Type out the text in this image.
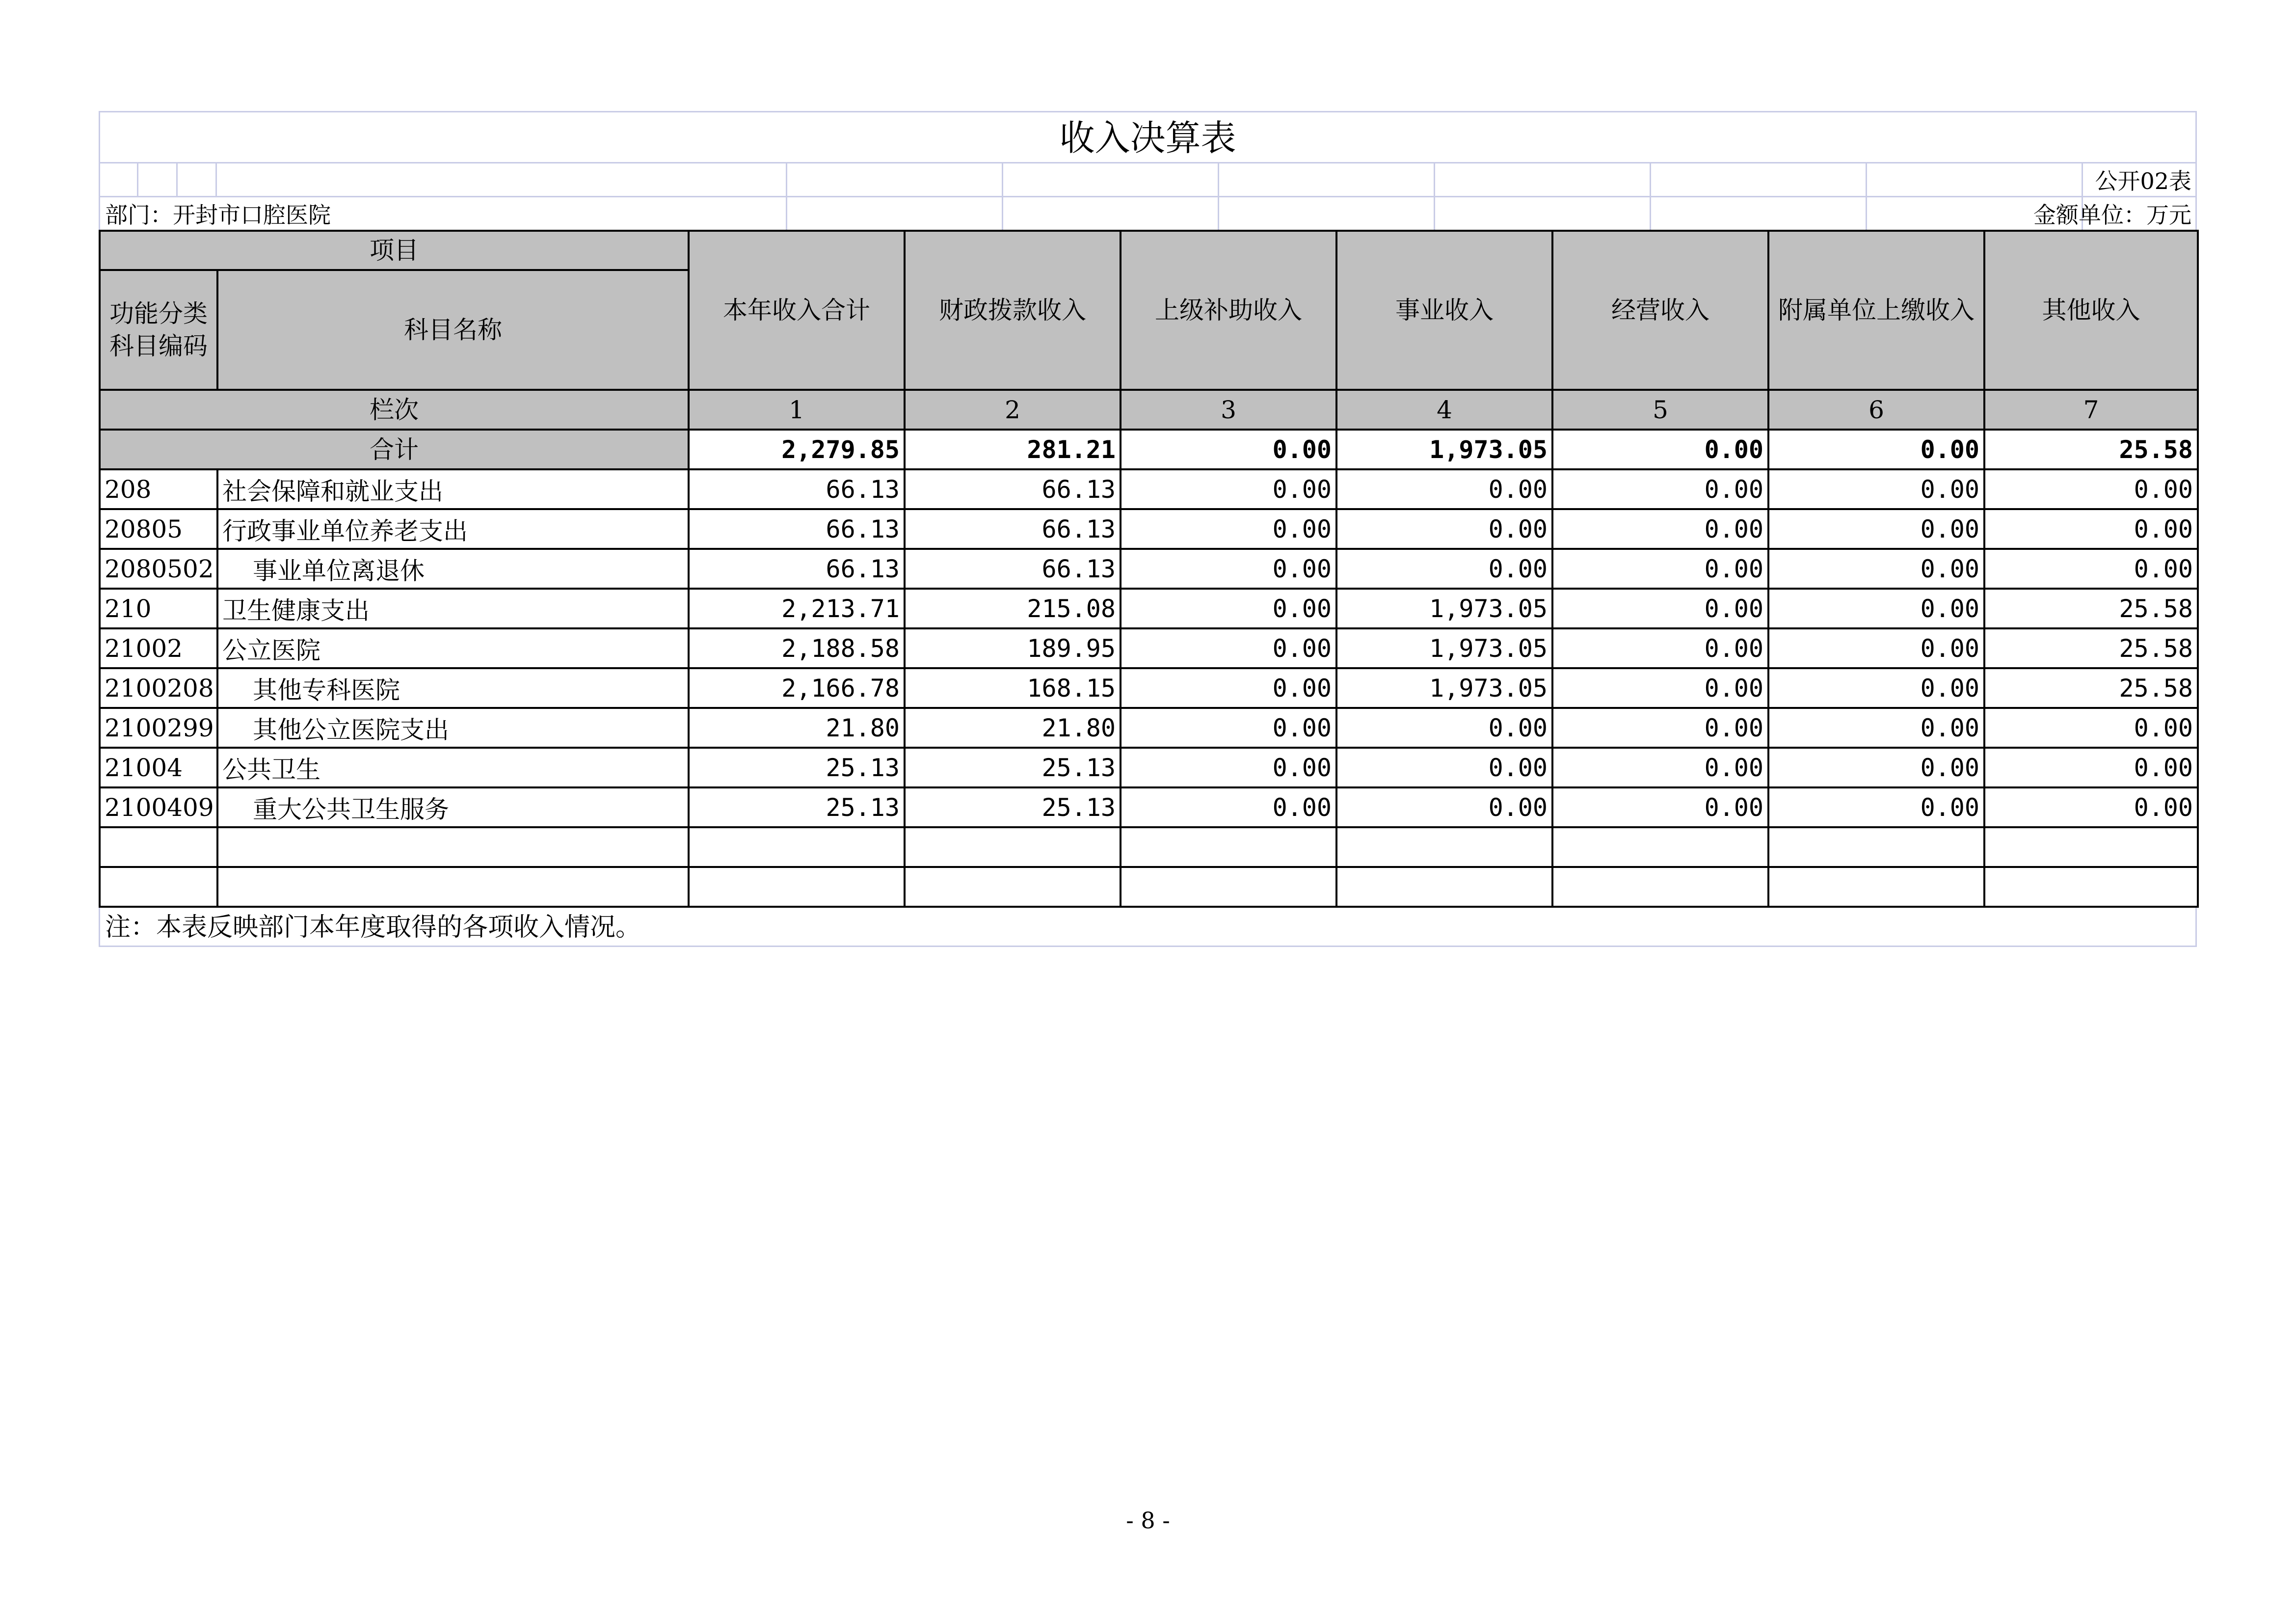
收入决算表
公开02表
部门：开封市口腔医院	金额单位：万元
项目		本年收入合计	财政拨款收入	上级补助收入	事业收入	经营收入	附属单位上缴收入	其他收入
功能分类科目编码	科目名称							
栏次		1	2	3	4	5	6	7
合计		2,279.85	281.21	0.00	1,973.05	0.00	0.00	25.58
208	社会保障和就业支出	66.13	66.13	0.00	0.00	0.00	0.00	0.00
20805	行政事业单位养老支出	66.13	66.13	0.00	0.00	0.00	0.00	0.00
2080502	事业单位离退休	66.13	66.13	0.00	0.00	0.00	0.00	0.00
210	卫生健康支出	2,213.71	215.08	0.00	1,973.05	0.00	0.00	25.58
21002	公立医院	2,188.58	189.95	0.00	1,973.05	0.00	0.00	25.58
2100208	其他专科医院	2,166.78	168.15	0.00	1,973.05	0.00	0.00	25.58
2100299	其他公立医院支出	21.80	21.80	0.00	0.00	0.00	0.00	0.00
21004	公共卫生	25.13	25.13	0.00	0.00	0.00	0.00	0.00
2100409	重大公共卫生服务	25.13	25.13	0.00	0.00	0.00	0.00	0.00

注：本表反映部门本年度取得的各项收入情况。
- 8 -
